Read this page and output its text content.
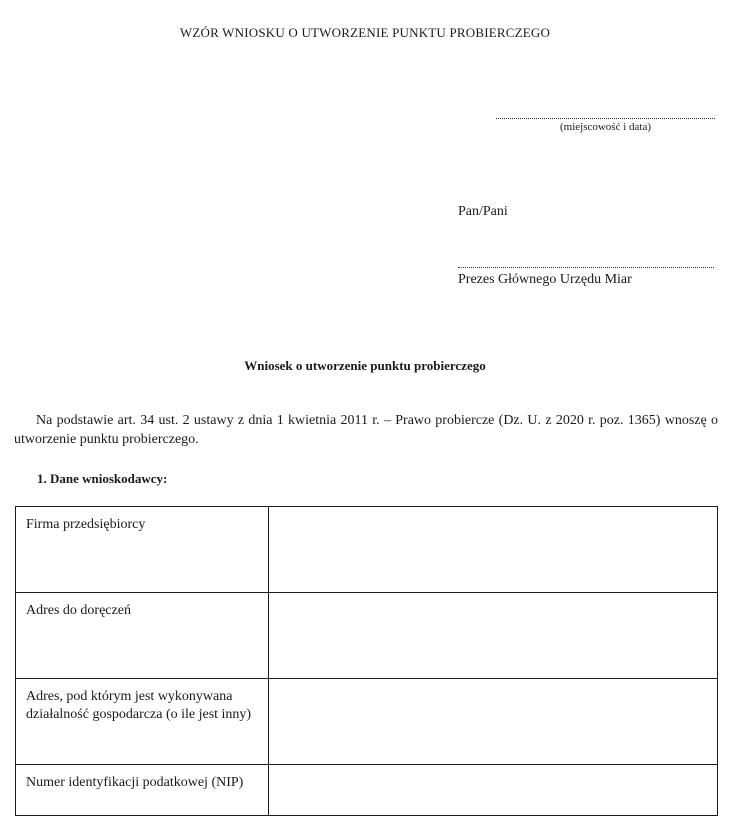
WZÓR WNIOSKU O UTWORZENIE PUNKTU PROBIERCZEGO
(miejscowość i data)
Pan/Pani
Prezes Głównego Urzędu Miar
Wniosek o utworzenie punktu probierczego
Na podstawie art. 34 ust. 2 ustawy z dnia 1 kwietnia 2011 r. – Prawo probiercze (Dz. U. z 2020 r. poz. 1365) wnoszę o utworzenie punktu probierczego.
1. Dane wnioskodawcy:
Firma przedsiębiorcy	
Adres do doręczeń	
Adres, pod którym jest wykonywana działalność gospodarcza (o ile jest inny)	
Numer identyfikacji podatkowej (NIP)	
